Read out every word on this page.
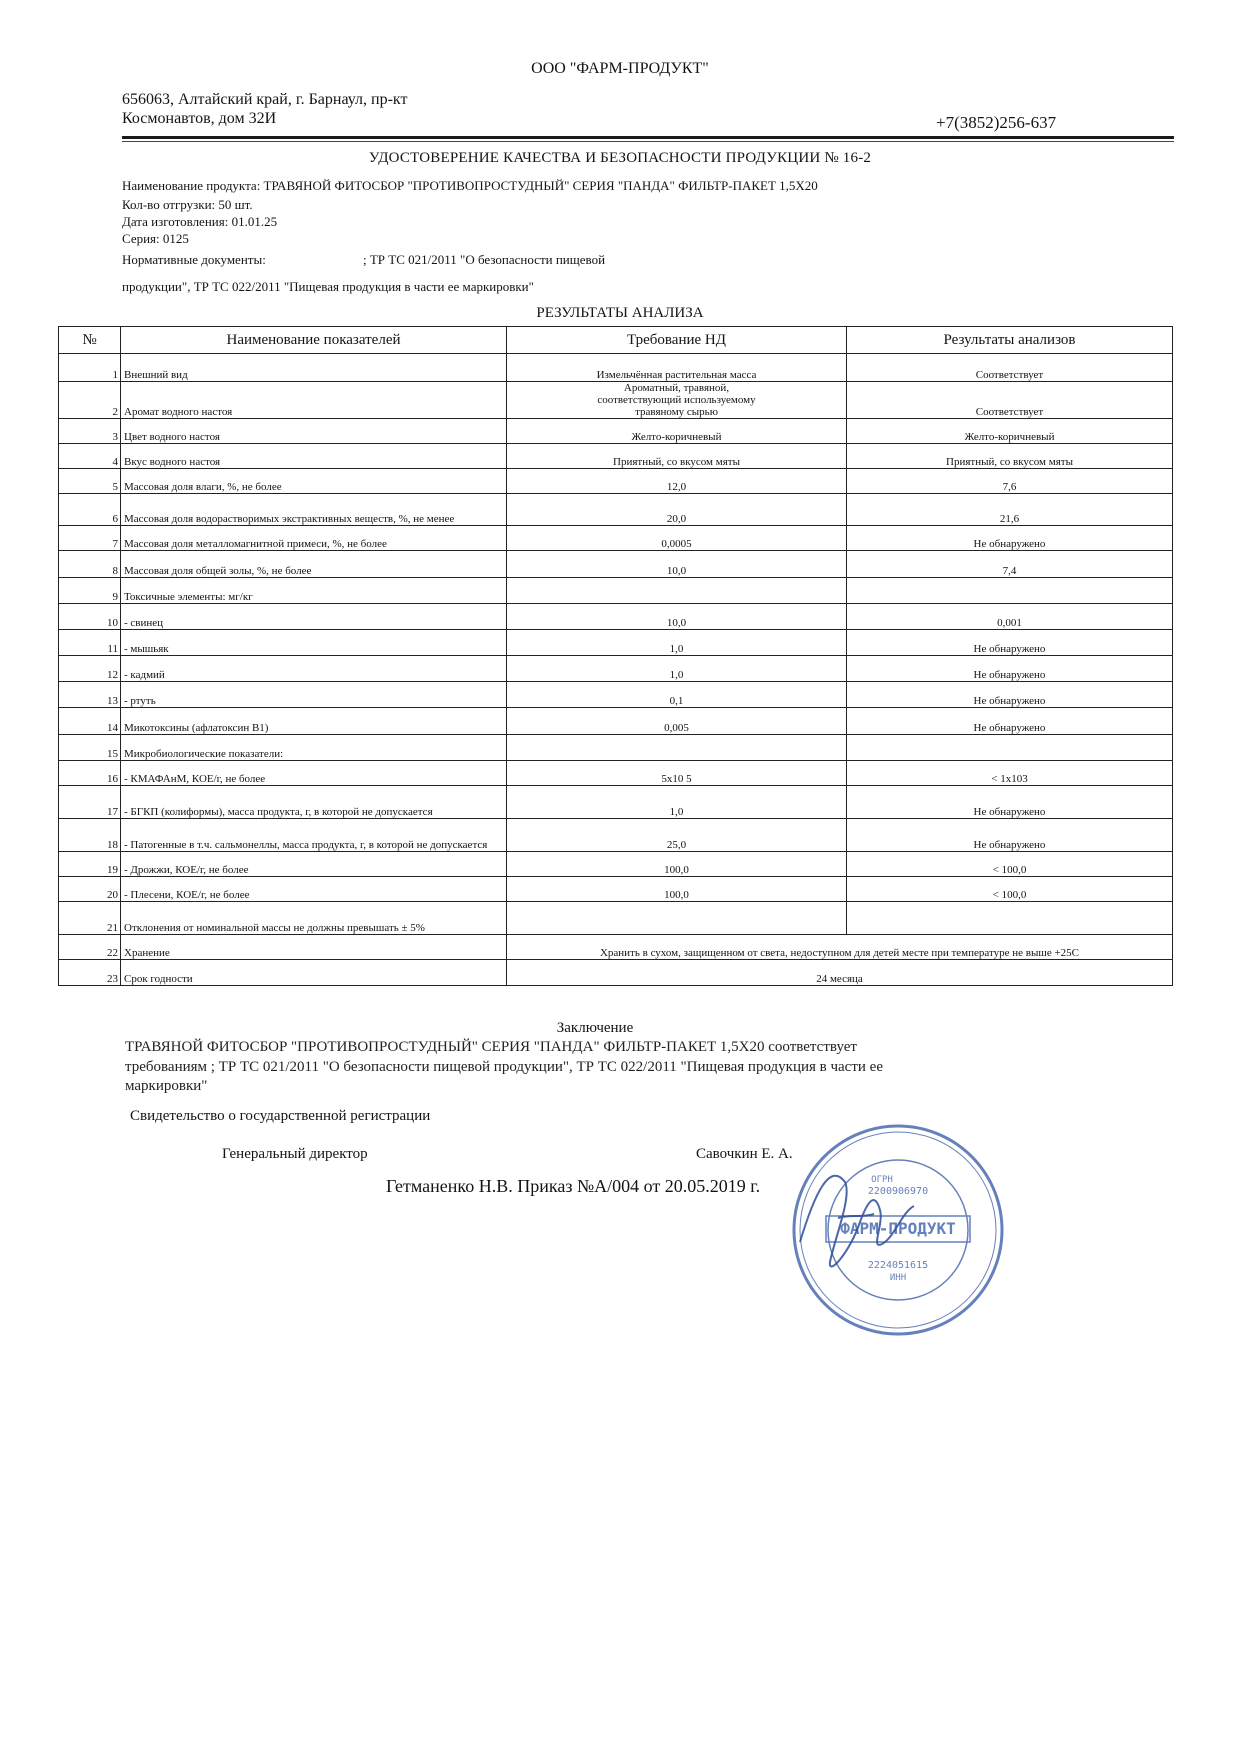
ООО "ФАРМ-ПРОДУКТ"
656063, Алтайский край, г. Барнаул, пр-кт
Космонавтов, дом 32И	+7(3852)256-637
УДОСТОВЕРЕНИЕ КАЧЕСТВА И БЕЗОПАСНОСТИ ПРОДУКЦИИ № 16-2
Наименование продукта: ТРАВЯНОЙ ФИТОСБОР "ПРОТИВОПРОСТУДНЫЙ" СЕРИЯ "ПАНДА" ФИЛЬТР-ПАКЕТ 1,5Х20
Кол-во отгрузки: 50 шт.
Дата изготовления: 01.01.25
Серия: 0125
Нормативные документы:	; ТР ТС 021/2011 "О безопасности пищевой
продукции", ТР ТС 022/2011 "Пищевая продукция в части ее маркировки"
РЕЗУЛЬТАТЫ АНАЛИЗА
№	Наименование показателей	Требование НД	Результаты анализов
1	Внешний вид	Измельчённая растительная масса	Соответствует
2	Аромат водного настоя	Ароматный, травяной, соответствующий используемому травяному сырью	Соответствует
3	Цвет водного настоя	Желто-коричневый	Желто-коричневый
4	Вкус водного настоя	Приятный, со вкусом мяты	Приятный, со вкусом мяты
5	Массовая доля влаги, %, не более	12,0	7,6
6	Массовая доля водорастворимых экстрактивных веществ, %, не менее	20,0	21,6
7	Массовая доля металломагнитной примеси, %, не более	0,0005	Не обнаружено
8	Массовая доля общей золы, %, не более	10,0	7,4
9	Токсичные элементы: мг/кг		
10	- свинец	10,0	0,001
11	- мышьяк	1,0	Не обнаружено
12	- кадмий	1,0	Не обнаружено
13	- ртуть	0,1	Не обнаружено
14	Микотоксины (афлатоксин В1)	0,005	Не обнаружено
15	Микробиологические показатели:		
16	- КМАФАнМ, КОЕ/г, не более	5х10 5	< 1х103
17	- БГКП (колиформы), масса продукта, г, в которой не допускается	1,0	Не обнаружено
18	- Патогенные в т.ч. сальмонеллы, масса продукта, г, в которой не допускается	25,0	Не обнаружено
19	- Дрожжи, КОЕ/г, не более	100,0	< 100,0
20	- Плесени, КОЕ/г, не более	100,0	< 100,0
21	Отклонения от номинальной массы не должны превышать ± 5%		
22	Хранение	Хранить в сухом, защищенном от света, недоступном для детей месте при температуре не выше +25С	
23	Срок годности	24 месяца	
Заключение
ТРАВЯНОЙ ФИТОСБОР "ПРОТИВОПРОСТУДНЫЙ" СЕРИЯ "ПАНДА" ФИЛЬТР-ПАКЕТ 1,5Х20 соответствует
требованиям ; ТР ТС 021/2011 "О безопасности пищевой продукции", ТР ТС 022/2011 "Пищевая продукция в части ее
маркировки"
Свидетельство о государственной регистрации
Генеральный директор	Савочкин Е. А.
Гетманенко Н.В. Приказ №А/004 от 20.05.2019 г.
ФАРМ-ПРОДУКТ
ОГРН
2200906970
2224051615
ИНН
